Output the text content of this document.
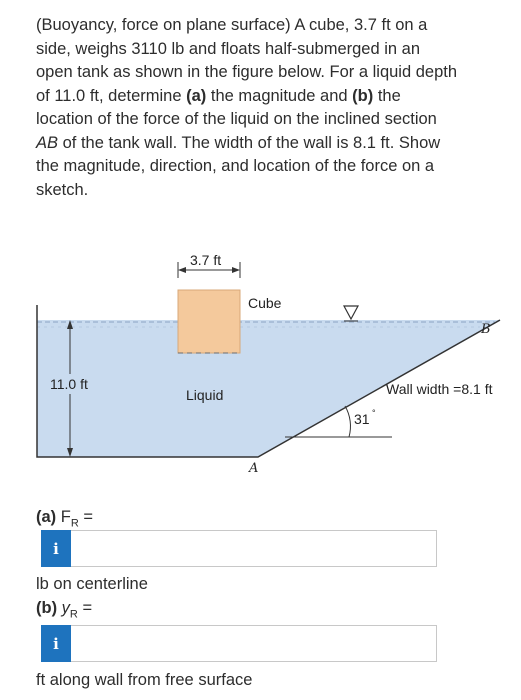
(Buoyancy, force on plane surface) A cube, 3.7 ft on a side, weighs 3110 lb and floats half-submerged in an open tank as shown in the figure below. For a liquid depth of 11.0 ft, determine (a) the magnitude and (b) the location of the force of the liquid on the inclined section AB of the tank wall. The width of the wall is 8.1 ft. Show the magnitude, direction, and location of the force on a sketch.
11.0 ft
3.7 ft
Cube
Liquid
31 °
Wall width =8.1 ft
A
B
(a) $F_R$ =
i
lb on centerline
(b) $y_R$ =
i
ft along wall from free surface
